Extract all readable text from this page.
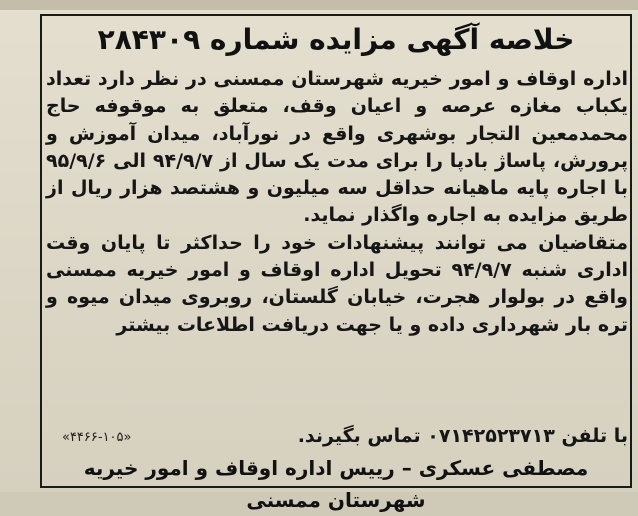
خلاصه آگهی مزایده شماره ۲۸۴۳۰۹

اداره اوقاف و امور خیریه شهرستان ممسنی در نظر دارد تعداد یکباب مغازه عرصه و اعیان وقف، متعلق به موقوفه حاج محمدمعین التجار بوشهری واقع در نورآباد، میدان آموزش و پرورش، پاساژ بادپا را برای مدت یک سال از ۹۴/۹/۷ الی ۹۵/۹/۶ با اجاره پایه ماهیانه حداقل سه میلیون و هشتصد هزار ریال از طریق مزایده به اجاره واگذار نماید.

متقاضیان می توانند پیشنهادات خود را حداکثر تا پایان وقت اداری شنبه ۹۴/۹/۷ تحویل اداره اوقاف و امور خیریه ممسنی واقع در بولوار هجرت، خیابان گلستان، روبروی میدان میوه و تره بار شهرداری داده و یا جهت دریافت اطلاعات بیشتر

با تلفن ۰۷۱۴۲۵۲۳۷۱۳ تماس بگیرند.
«۴۴۶۶-۱۰۵»
مصطفی عسکری – رییس اداره اوقاف و امور خیریه شهرستان ممسنی
